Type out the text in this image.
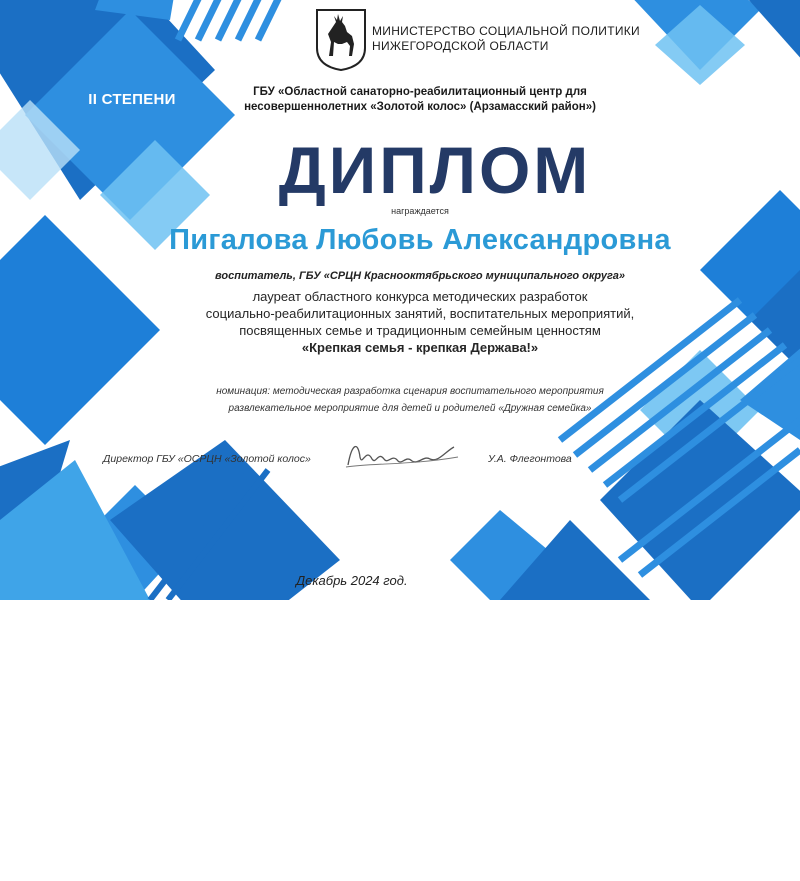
МИНИСТЕРСТВО СОЦИАЛЬНОЙ ПОЛИТИКИ
НИЖЕГОРОДСКОЙ ОБЛАСТИ
II СТЕПЕНИ	ГБУ «Областной санаторно-реабилитационный центр для
несовершеннолетних «Золотой колос» (Арзамасский район»)
ДИПЛОМ
награждается
Пигалова Любовь Александровна
воспитатель, ГБУ «СРЦН Краснооктябрьского муниципального округа»
лауреат областного конкурса методических разработок
социально-реабилитационных занятий, воспитательных мероприятий,
посвященных семье и традиционным семейным ценностям
«Крепкая семья - крепкая Держава!»
номинация: методическая разработка сценария воспитательного мероприятия
развлекательное мероприятие для детей и родителей «Дружная семейка»
Директор ГБУ «ОСРЦН «Золотой колос»	У.А. Флегонтова
Декабрь 2024 год.
